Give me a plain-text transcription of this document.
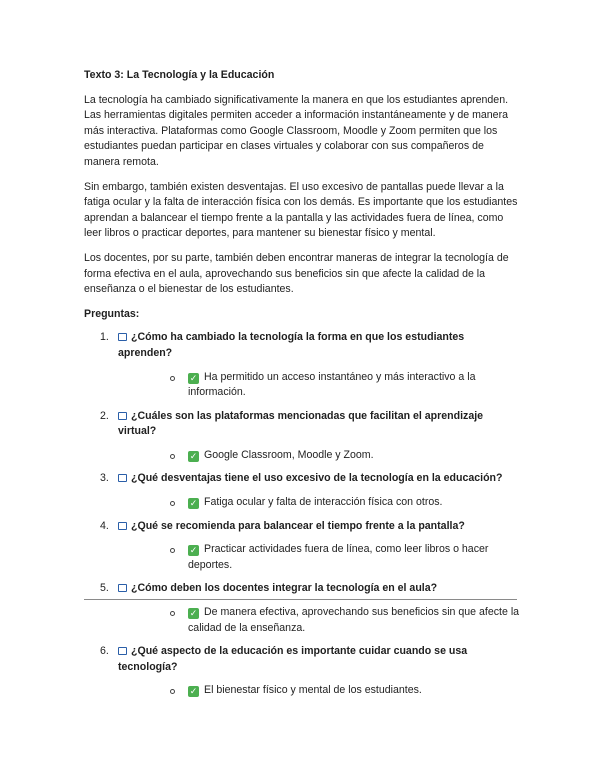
Texto 3: La Tecnología y la Educación

La tecnología ha cambiado significativamente la manera en que los estudiantes aprenden. Las herramientas digitales permiten acceder a información instantáneamente y de manera más interactiva. Plataformas como Google Classroom, Moodle y Zoom permiten que los estudiantes puedan participar en clases virtuales y colaborar con sus compañeros de manera remota.

Sin embargo, también existen desventajas. El uso excesivo de pantallas puede llevar a la fatiga ocular y la falta de interacción física con los demás. Es importante que los estudiantes aprendan a balancear el tiempo frente a la pantalla y las actividades fuera de línea, como leer libros o practicar deportes, para mantener su bienestar físico y mental.

Los docentes, por su parte, también deben encontrar maneras de integrar la tecnología de forma efectiva en el aula, aprovechando sus beneficios sin que afecte la calidad de la enseñanza o el bienestar de los estudiantes.

Preguntas:
1. ¿Cómo ha cambiado la tecnología la forma en que los estudiantes aprenden?
✓ Ha permitido un acceso instantáneo y más interactivo a la información.
2. ¿Cuáles son las plataformas mencionadas que facilitan el aprendizaje virtual?
✓ Google Classroom, Moodle y Zoom.
3. ¿Qué desventajas tiene el uso excesivo de la tecnología en la educación?
✓ Fatiga ocular y falta de interacción física con otros.
4. ¿Qué se recomienda para balancear el tiempo frente a la pantalla?
✓ Practicar actividades fuera de línea, como leer libros o hacer deportes.
5. ¿Cómo deben los docentes integrar la tecnología en el aula?
✓ De manera efectiva, aprovechando sus beneficios sin que afecte la calidad de la enseñanza.
6. ¿Qué aspecto de la educación es importante cuidar cuando se usa tecnología?
✓ El bienestar físico y mental de los estudiantes.
